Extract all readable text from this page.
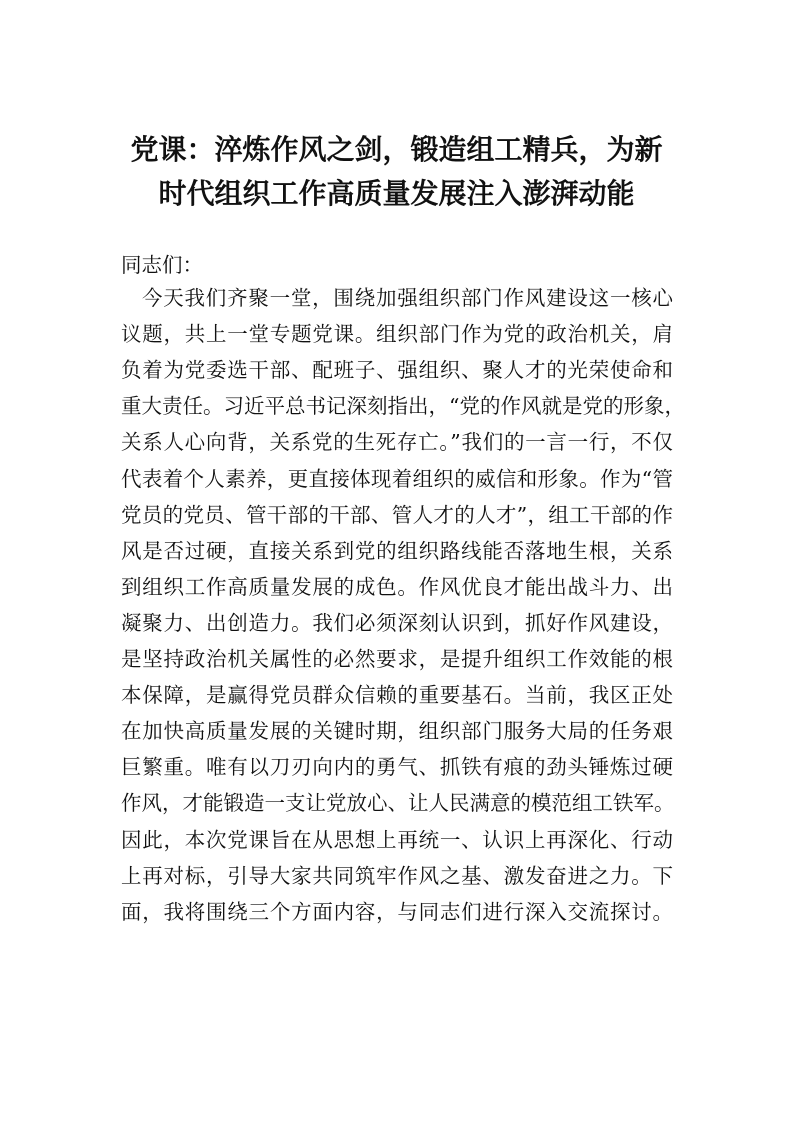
党课：淬炼作风之剑，锻造组工精兵，为新
时代组织工作高质量发展注入澎湃动能

同志们：

今天我们齐聚一堂，围绕加强组织部门作风建设这一核心

议题，共上一堂专题党课。组织部门作为党的政治机关，肩

负着为党委选干部、配班子、强组织、聚人才的光荣使命和

重大责任。习近平总书记深刻指出，“党的作风就是党的形象，

关系人心向背，关系党的生死存亡。”我们的一言一行，不仅

代表着个人素养，更直接体现着组织的威信和形象。作为“管

党员的党员、管干部的干部、管人才的人才”，组工干部的作

风是否过硬，直接关系到党的组织路线能否落地生根，关系

到组织工作高质量发展的成色。作风优良才能出战斗力、出

凝聚力、出创造力。我们必须深刻认识到，抓好作风建设，

是坚持政治机关属性的必然要求，是提升组织工作效能的根

本保障，是赢得党员群众信赖的重要基石。当前，我区正处

在加快高质量发展的关键时期，组织部门服务大局的任务艰

巨繁重。唯有以刀刃向内的勇气、抓铁有痕的劲头锤炼过硬

作风，才能锻造一支让党放心、让人民满意的模范组工铁军。

因此，本次党课旨在从思想上再统一、认识上再深化、行动

上再对标，引导大家共同筑牢作风之基、激发奋进之力。下

面，我将围绕三个方面内容，与同志们进行深入交流探讨。
